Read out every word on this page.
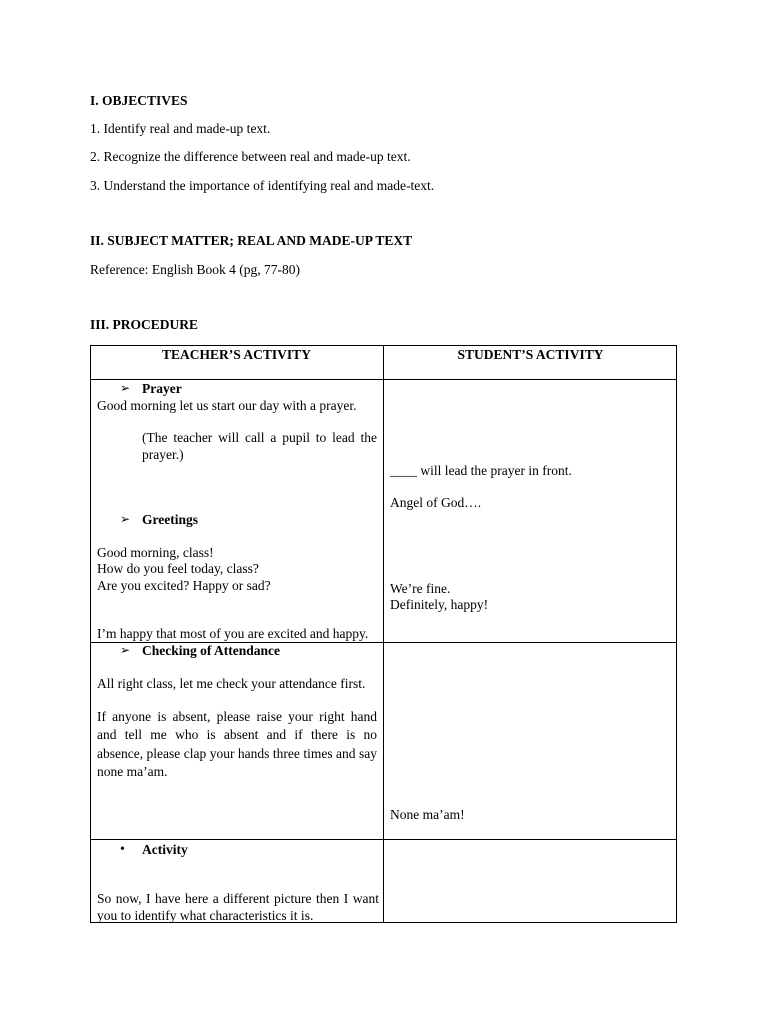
I. OBJECTIVES
1. Identify real and made-up text.
2. Recognize the difference between real and made-up text.
3. Understand the importance of identifying real and made-text.
II. SUBJECT MATTER; REAL AND MADE-UP TEXT
Reference: English Book 4 (pg, 77-80)
III. PROCEDURE
TEACHER’S ACTIVITY	STUDENT’S ACTIVITY
➢ Prayer
Good morning let us start our day with a prayer.
(The teacher will call a pupil to lead the prayer.)
➢ Greetings
Good morning, class!
How do you feel today, class?
Are you excited? Happy or sad?
I’m happy that most of you are excited and happy.
____ will lead the prayer in front.
Angel of God….
We’re fine.
Definitely, happy!
➢ Checking of Attendance
All right class, let me check your attendance first.
If anyone is absent, please raise your right hand and tell me who is absent and if there is no absence, please clap your hands three times and say none ma’am.
None ma’am!
• Activity
So now, I have here a different picture then I want you to identify what characteristics it is.
